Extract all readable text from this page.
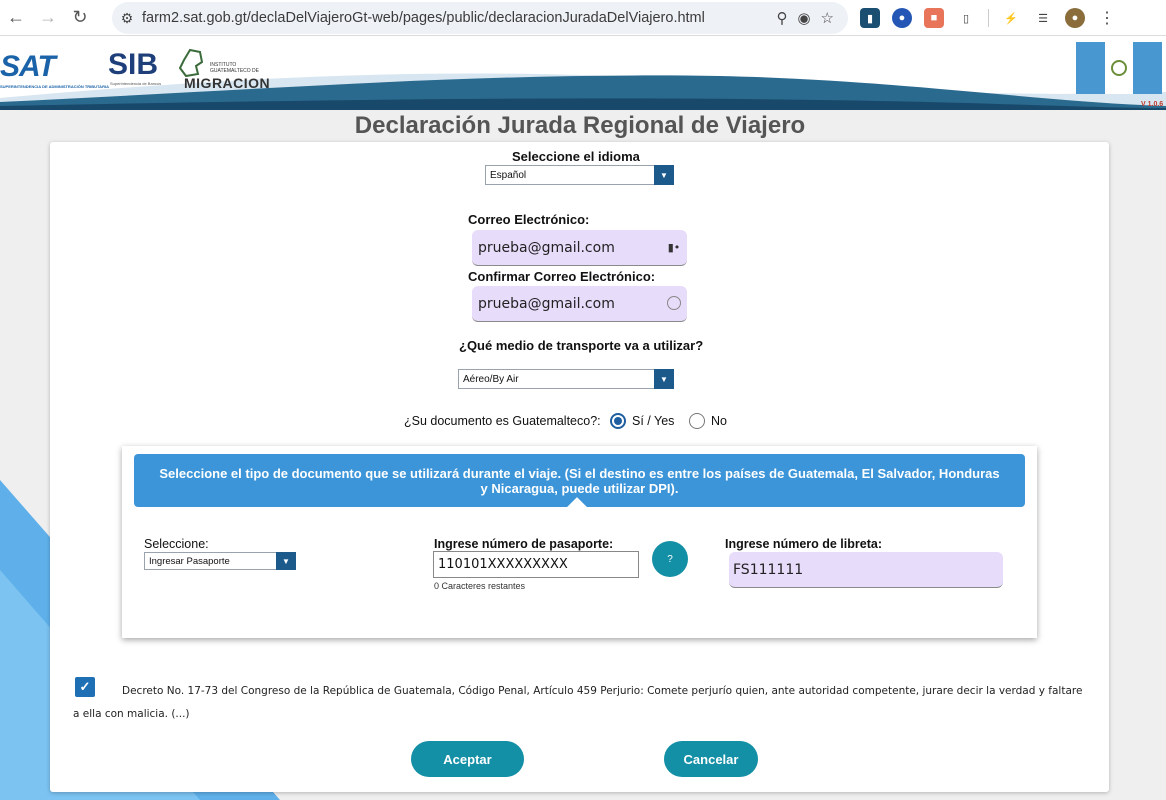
← → ↻	⚙ farm2.sat.gob.gt/declaDelViajeroGt-web/pages/public/declaracionJuradaDelViajero.html	⚲ ◉ ☆	▮	●	■	▯	⚡	☰	●	⋮
SAT
SUPERINTENDENCIA DE ADMINISTRACIÓN TRIBUTARIA
SIB
Superintendencia de Bancos
INSTITUTO GUATEMALTECO DE
MIGRACION
V 1.0.6
Declaración Jurada Regional de Viajero
Seleccione el idioma
Español	▼
Correo Electrónico:
prueba@gmail.com	▮•
Confirmar Correo Electrónico:
prueba@gmail.com
¿Qué medio de transporte va a utilizar?
Aéreo/By Air	▼
¿Su documento es Guatemalteco?:	Sí / Yes	No
Seleccione el tipo de documento que se utilizará durante el viaje. (Si el destino es entre los países de Guatemala, El Salvador, Honduras y Nicaragua, puede utilizar DPI).
Seleccione:
Ingresar Pasaporte	▼
Ingrese número de pasaporte:
110101XXXXXXXXX
0 Caracteres restantes
?
Ingrese número de libreta:
FS111111
✓	Decreto No. 17-73 del Congreso de la República de Guatemala, Código Penal, Artículo 459 Perjurio: Comete perjurío quien, ante autoridad competente, jurare decir la verdad y faltare a ella con malicia. (...)
Aceptar	Cancelar
